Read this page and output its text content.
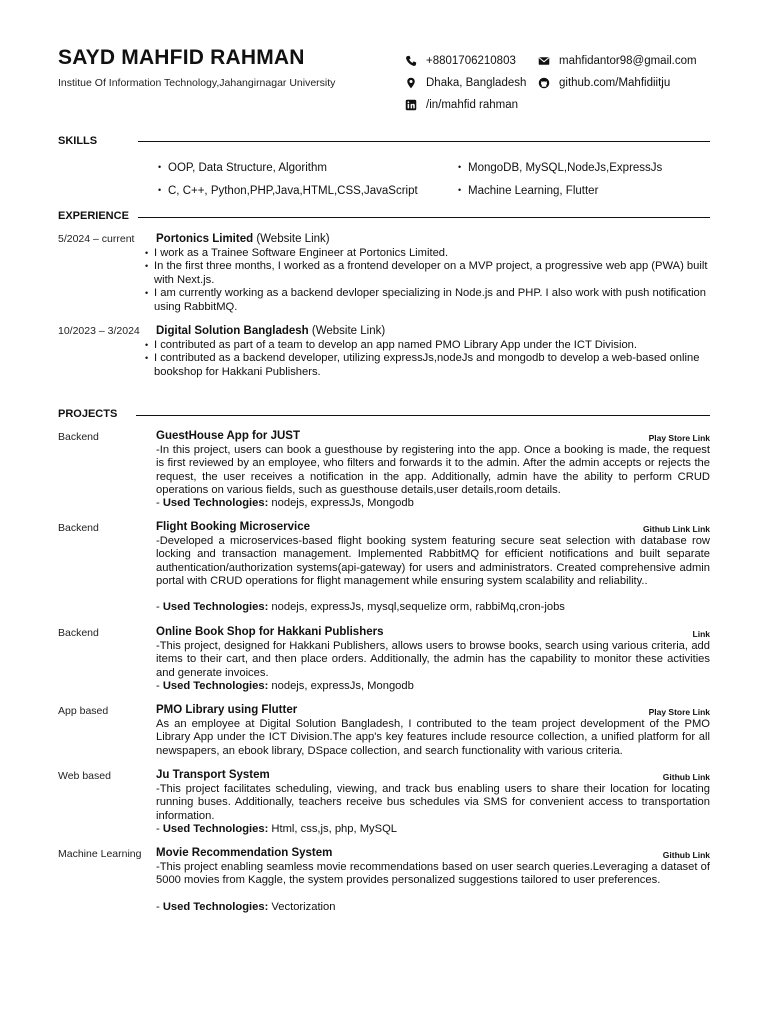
SAYD MAHFID RAHMAN
Institue Of Information Technology,Jahangirnagar University
+8801706210803	mahfidantor98@gmail.com
Dhaka, Bangladesh	github.com/Mahfidiitju
/in/mahfid rahman
SKILLS
• OOP, Data Structure, Algorithm	• MongoDB, MySQL,NodeJs,ExpressJs
• C, C++, Python,PHP,Java,HTML,CSS,JavaScript	• Machine Learning, Flutter
EXPERIENCE
5/2024 – current Portonics Limited (Website Link)
• I work as a Trainee Software Engineer at Portonics Limited.
• In the first three months, I worked as a frontend developer on a MVP project, a progressive web app (PWA) built with Next.js.
• I am currently working as a backend devloper specializing in Node.js and PHP. I also work with push notification using RabbitMQ.
10/2023 – 3/2024 Digital Solution Bangladesh (Website Link)
• I contributed as part of a team to develop an app named PMO Library App under the ICT Division.
• I contributed as a backend developer, utilizing expressJs,nodeJs and mongodb to develop a web-based online bookshop for Hakkani Publishers.
PROJECTS
Backend	GuestHouse App for JUST	Play Store Link
-In this project, users can book a guesthouse by registering into the app. Once a booking is made, the request is first reviewed by an employee, who filters and forwards it to the admin. After the admin accepts or rejects the request, the user receives a notification in the app. Additionally, admin have the ability to perform CRUD operations on various fields, such as guesthouse details,user details,room details.
- Used Technologies: nodejs, expressJs, Mongodb
Backend	Flight Booking Microservice	Github Link Link
-Developed a microservices-based flight booking system featuring secure seat selection with database row locking and transaction management. Implemented RabbitMQ for efficient notifications and built separate authentication/authorization systems(api-gateway) for users and administrators. Created comprehensive admin portal with CRUD operations for flight management while ensuring system scalability and reliability..
- Used Technologies: nodejs, expressJs, mysql,sequelize orm, rabbiMq,cron-jobs
Backend	Online Book Shop for Hakkani Publishers	Link
-This project, designed for Hakkani Publishers, allows users to browse books, search using various criteria, add items to their cart, and then place orders. Additionally, the admin has the capability to monitor these activities and generate invoices.
- Used Technologies: nodejs, expressJs, Mongodb
App based	PMO Library using Flutter	Play Store Link
As an employee at Digital Solution Bangladesh, I contributed to the team project development of the PMO Library App under the ICT Division.The app's key features include resource collection, a unified platform for all newspapers, an ebook library, DSpace collection, and search functionality with various criteria.
Web based	Ju Transport System	Github Link
-This project facilitates scheduling, viewing, and track bus enabling users to share their location for locating running buses. Additionally, teachers receive bus schedules via SMS for convenient access to transportation information.
- Used Technologies: Html, css,js, php, MySQL
Machine Learning Movie Recommendation System	Github Link
-This project enabling seamless movie recommendations based on user search queries.Leveraging a dataset of 5000 movies from Kaggle, the system provides personalized suggestions tailored to user preferences.
- Used Technologies: Vectorization
